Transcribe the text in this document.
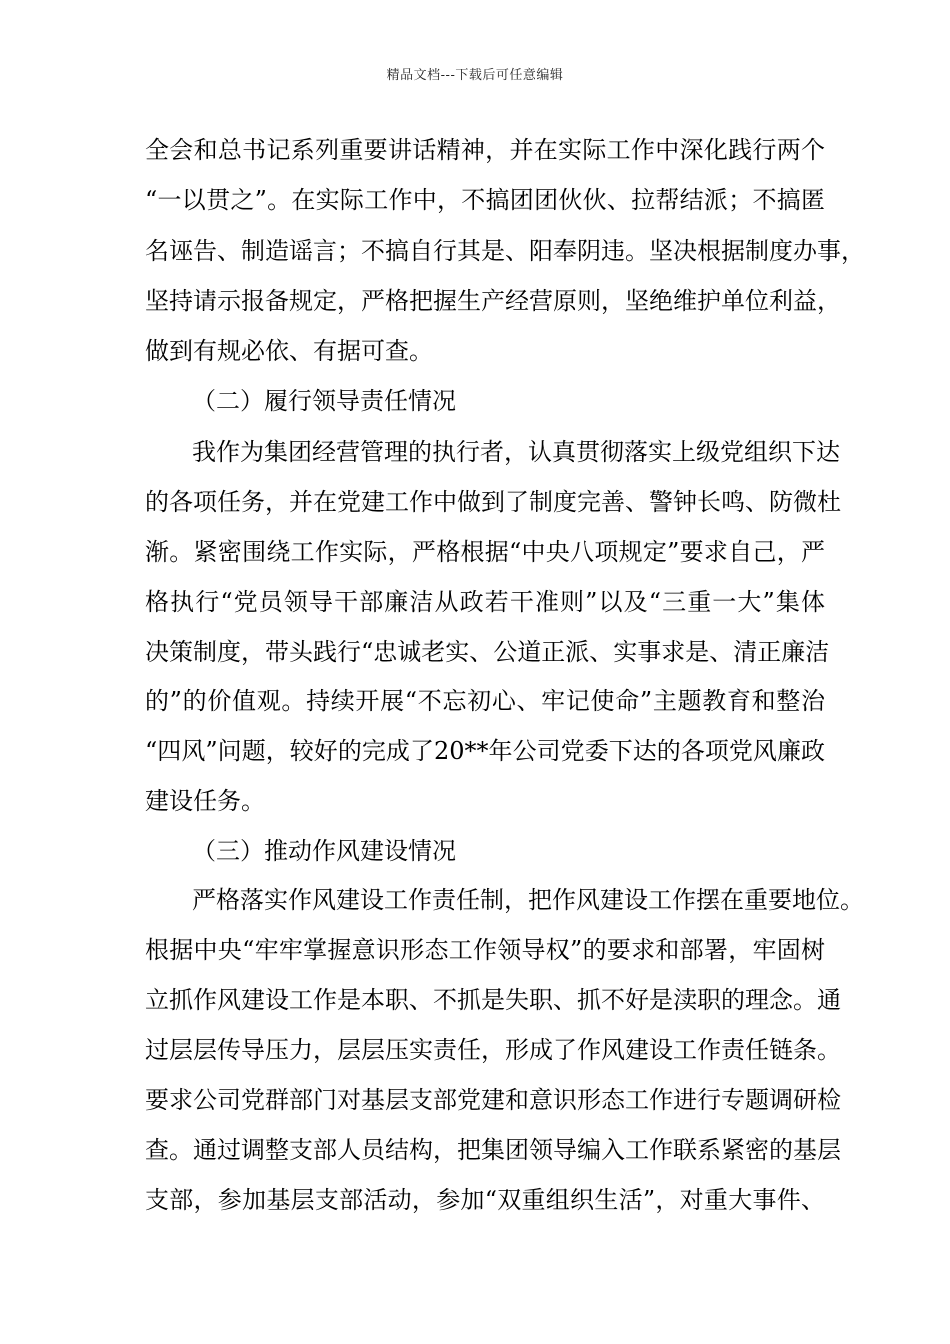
精品文档---下载后可任意编辑
全会和总书记系列重要讲话精神，并在实际工作中深化践行两个
“一以贯之”。在实际工作中，不搞团团伙伙、拉帮结派；不搞匿
名诬告、制造谣言；不搞自行其是、阳奉阴违。坚决根据制度办事，
坚持请示报备规定，严格把握生产经营原则，坚绝维护单位利益，
做到有规必依、有据可查。
（二）履行领导责任情况
我作为集团经营管理的执行者，认真贯彻落实上级党组织下达
的各项任务，并在党建工作中做到了制度完善、警钟长鸣、防微杜
渐。紧密围绕工作实际，严格根据“中央八项规定”要求自己，严
格执行“党员领导干部廉洁从政若干准则”以及“三重一大”集体
决策制度，带头践行“忠诚老实、公道正派、实事求是、清正廉洁
的”的价值观。持续开展“不忘初心、牢记使命”主题教育和整治
“四风”问题，较好的完成了20**年公司党委下达的各项党风廉政
建设任务。
（三）推动作风建设情况
严格落实作风建设工作责任制，把作风建设工作摆在重要地位。
根据中央“牢牢掌握意识形态工作领导权”的要求和部署，牢固树
立抓作风建设工作是本职、不抓是失职、抓不好是渎职的理念。通
过层层传导压力，层层压实责任，形成了作风建设工作责任链条。
要求公司党群部门对基层支部党建和意识形态工作进行专题调研检
查。通过调整支部人员结构，把集团领导编入工作联系紧密的基层
支部，参加基层支部活动，参加“双重组织生活”，对重大事件、
